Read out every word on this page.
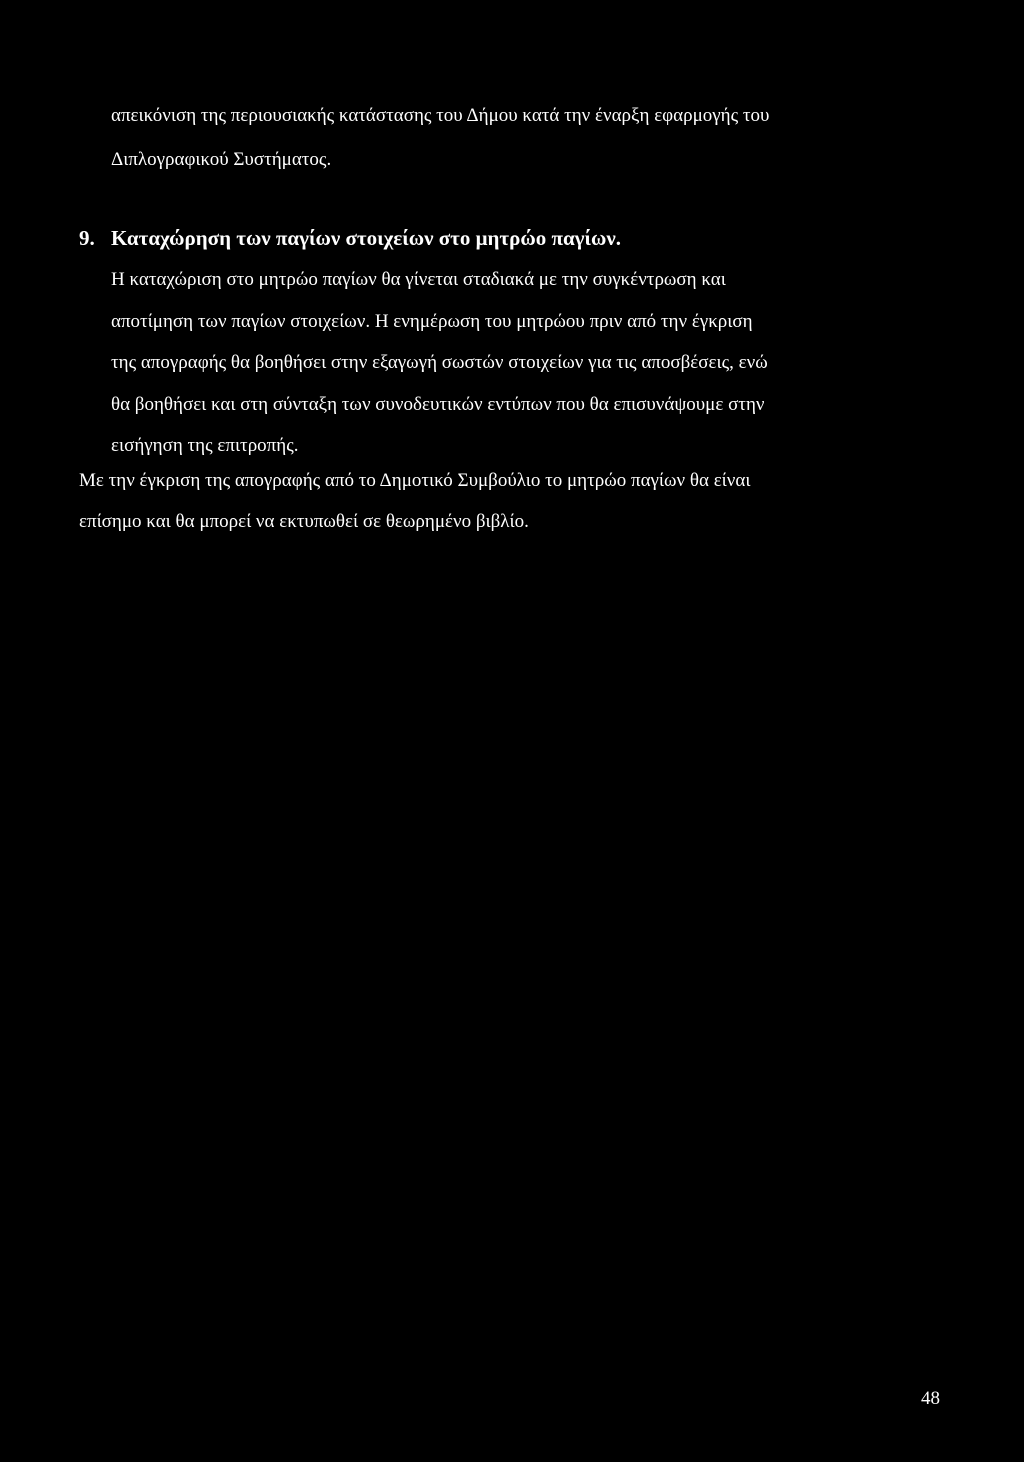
απεικόνιση της περιουσιακής κατάστασης του Δήμου κατά την έναρξη εφαρμογής του

Διπλογραφικού Συστήματος.

9. Καταχώρηση των παγίων στοιχείων στο μητρώο παγίων.

Η καταχώριση στο μητρώο παγίων θα γίνεται σταδιακά με την συγκέντρωση και

αποτίμηση των παγίων στοιχείων. Η ενημέρωση του μητρώου πριν από την έγκριση

της απογραφής θα βοηθήσει στην εξαγωγή σωστών στοιχείων για τις αποσβέσεις, ενώ

θα βοηθήσει και στη σύνταξη των συνοδευτικών εντύπων που θα επισυνάψουμε στην

εισήγηση της επιτροπής.

Με την έγκριση της απογραφής από το Δημοτικό Συμβούλιο το μητρώο παγίων θα είναι

επίσημο και θα μπορεί να εκτυπωθεί σε θεωρημένο βιβλίο.

48
